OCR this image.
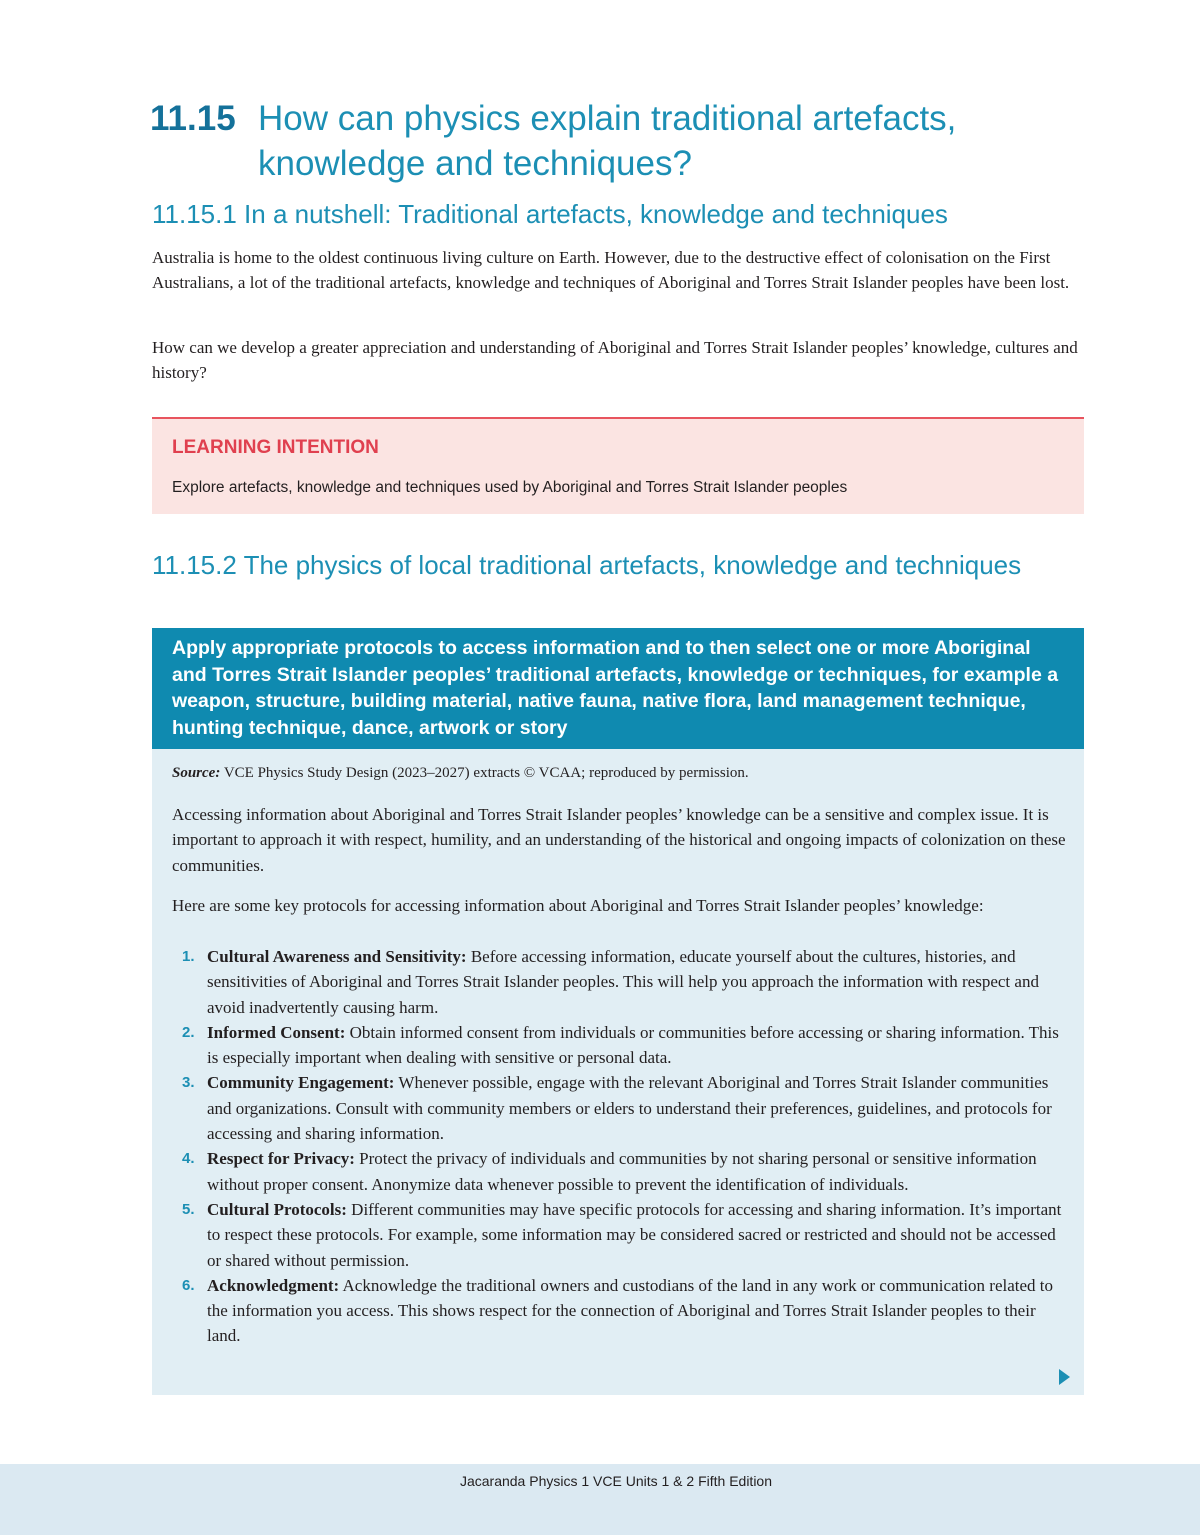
11.15 How can physics explain traditional artefacts,
knowledge and techniques?
11.15.1 In a nutshell: Traditional artefacts, knowledge and techniques
Australia is home to the oldest continuous living culture on Earth. However, due to the destructive effect of colonisation on the First Australians, a lot of the traditional artefacts, knowledge and techniques of Aboriginal and Torres Strait Islander peoples have been lost.
How can we develop a greater appreciation and understanding of Aboriginal and Torres Strait Islander peoples’ knowledge, cultures and history?
LEARNING INTENTION
Explore artefacts, knowledge and techniques used by Aboriginal and Torres Strait Islander peoples
11.15.2 The physics of local traditional artefacts, knowledge and techniques
Apply appropriate protocols to access information and to then select one or more Aboriginal and Torres Strait Islander peoples’ traditional artefacts, knowledge or techniques, for example a weapon, structure, building material, native fauna, native flora, land management technique, hunting technique, dance, artwork or story
Source: VCE Physics Study Design (2023–2027) extracts © VCAA; reproduced by permission.
Accessing information about Aboriginal and Torres Strait Islander peoples’ knowledge can be a sensitive and complex issue. It is important to approach it with respect, humility, and an understanding of the historical and ongoing impacts of colonization on these communities.
Here are some key protocols for accessing information about Aboriginal and Torres Strait Islander peoples’ knowledge:
1. Cultural Awareness and Sensitivity: Before accessing information, educate yourself about the cultures, histories, and sensitivities of Aboriginal and Torres Strait Islander peoples. This will help you approach the information with respect and avoid inadvertently causing harm.
2. Informed Consent: Obtain informed consent from individuals or communities before accessing or sharing information. This is especially important when dealing with sensitive or personal data.
3. Community Engagement: Whenever possible, engage with the relevant Aboriginal and Torres Strait Islander communities and organizations. Consult with community members or elders to understand their preferences, guidelines, and protocols for accessing and sharing information.
4. Respect for Privacy: Protect the privacy of individuals and communities by not sharing personal or sensitive information without proper consent. Anonymize data whenever possible to prevent the identification of individuals.
5. Cultural Protocols: Different communities may have specific protocols for accessing and sharing information. It’s important to respect these protocols. For example, some information may be considered sacred or restricted and should not be accessed or shared without permission.
6. Acknowledgment: Acknowledge the traditional owners and custodians of the land in any work or communication related to the information you access. This shows respect for the connection of Aboriginal and Torres Strait Islander peoples to their land.
Jacaranda Physics 1 VCE Units 1 & 2 Fifth Edition
